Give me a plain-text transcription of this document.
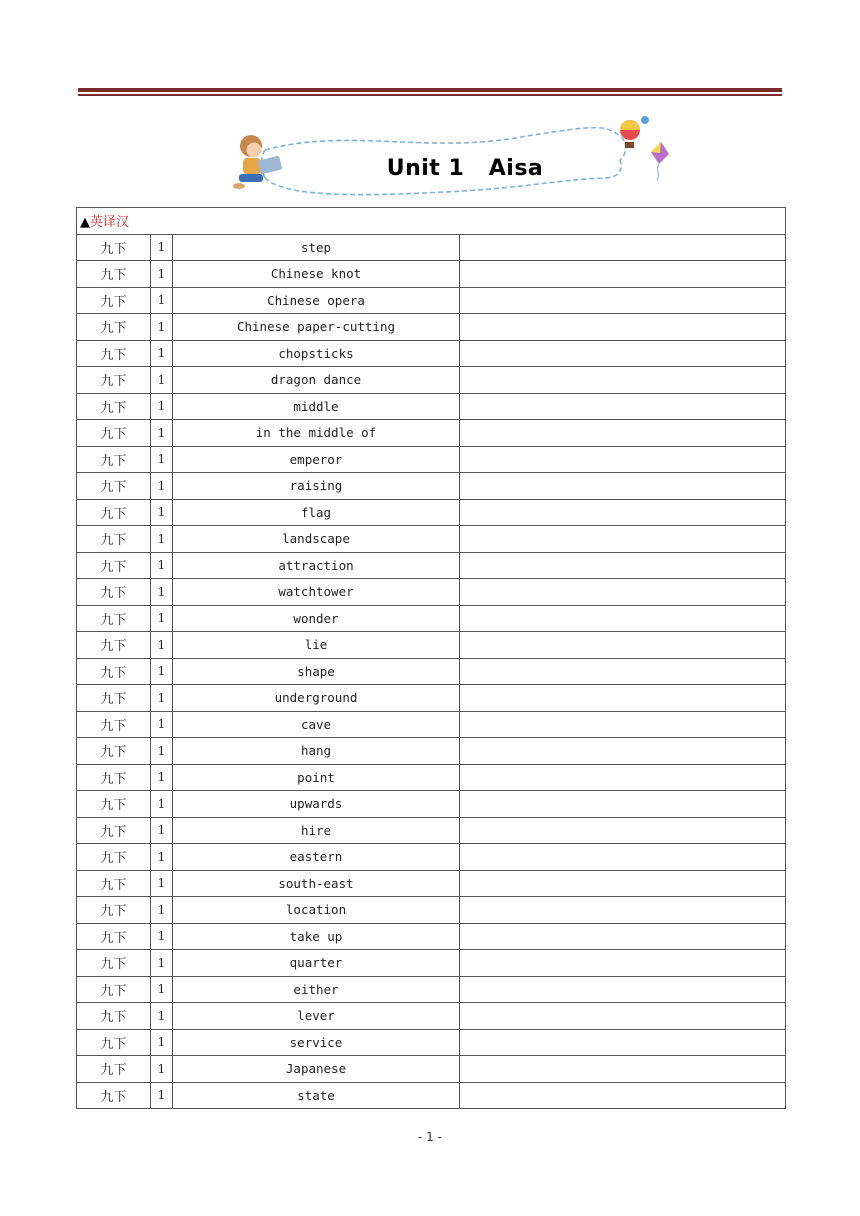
Unit 1   Aisa
▲英译汉			
九下	1	step	
九下	1	Chinese knot	
九下	1	Chinese opera	
九下	1	Chinese paper-cutting	
九下	1	chopsticks	
九下	1	dragon dance	
九下	1	middle	
九下	1	in the middle of	
九下	1	emperor	
九下	1	raising	
九下	1	flag	
九下	1	landscape	
九下	1	attraction	
九下	1	watchtower	
九下	1	wonder	
九下	1	lie	
九下	1	shape	
九下	1	underground	
九下	1	cave	
九下	1	hang	
九下	1	point	
九下	1	upwards	
九下	1	hire	
九下	1	eastern	
九下	1	south-east	
九下	1	location	
九下	1	take up	
九下	1	quarter	
九下	1	either	
九下	1	lever	
九下	1	service	
九下	1	Japanese	
九下	1	state	
- 1 -
